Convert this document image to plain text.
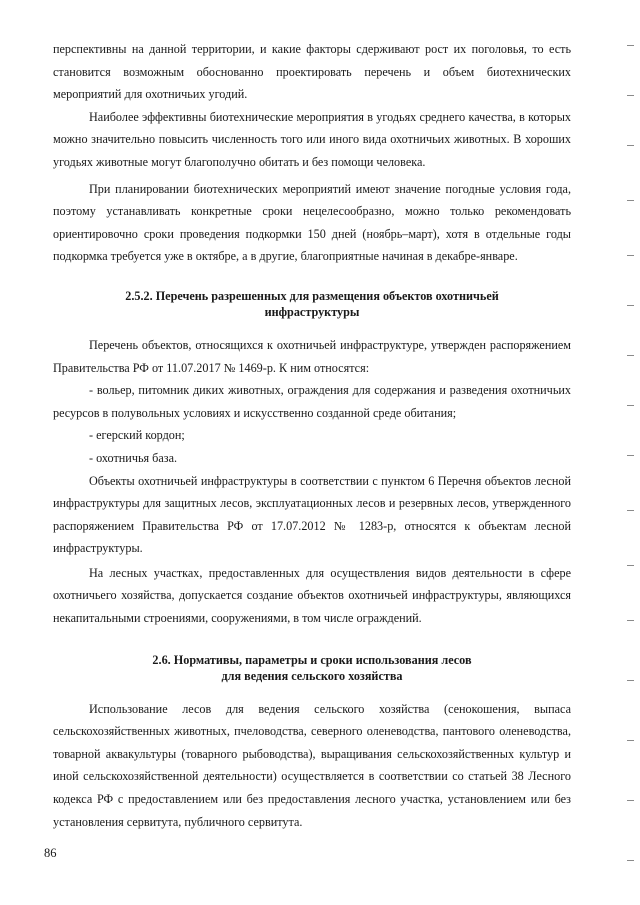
перспективны на данной территории, и какие факторы сдерживают рост их поголовья, то есть становится возможным обоснованно проектировать перечень и объем биотехнических мероприятий для охотничьих угодий.

Наиболее эффективны биотехнические мероприятия в угодьях среднего качества, в которых можно значительно повысить численность того или иного вида охотничьих животных. В хороших угодьях животные могут благополучно обитать и без помощи человека.

При планировании биотехнических мероприятий имеют значение погодные условия года, поэтому устанавливать конкретные сроки нецелесообразно, можно только рекомендовать ориентировочно сроки проведения подкормки 150 дней (ноябрь–март), хотя в отдельные годы подкормка требуется уже в октябре, а в другие, благоприятные начиная в декабре-январе.

2.5.2. Перечень разрешенных для размещения объектов охотничьей
инфраструктуры

Перечень объектов, относящихся к охотничьей инфраструктуре, утвержден распоряжением Правительства РФ от 11.07.2017 № 1469-р. К ним относятся:

- вольер, питомник диких животных, ограждения для содержания и разведения охотничьих ресурсов в полувольных условиях и искусственно созданной среде обитания;

- егерский кордон;

- охотничья база.

Объекты охотничьей инфраструктуры в соответствии с пунктом 6 Перечня объектов лесной инфраструктуры для защитных лесов, эксплуатационных лесов и резервных лесов, утвержденного распоряжением Правительства РФ от 17.07.2012 № 1283-р, относятся к объектам лесной инфраструктуры.

На лесных участках, предоставленных для осуществления видов деятельности в сфере охотничьего хозяйства, допускается создание объектов охотничьей инфраструктуры, являющихся некапитальными строениями, сооружениями, в том числе ограждений.

2.6. Нормативы, параметры и сроки использования лесов
для ведения сельского хозяйства

Использование лесов для ведения сельского хозяйства (сенокошения, выпаса сельскохозяйственных животных, пчеловодства, северного оленеводства, пантового оленеводства, товарной аквакультуры (товарного рыбоводства), выращивания сельскохозяйственных культур и иной сельскохозяйственной деятельности) осуществляется в соответствии со статьей 38 Лесного кодекса РФ с предоставлением или без предоставления лесного участка, установлением или без установления сервитута, публичного сервитута.

86
